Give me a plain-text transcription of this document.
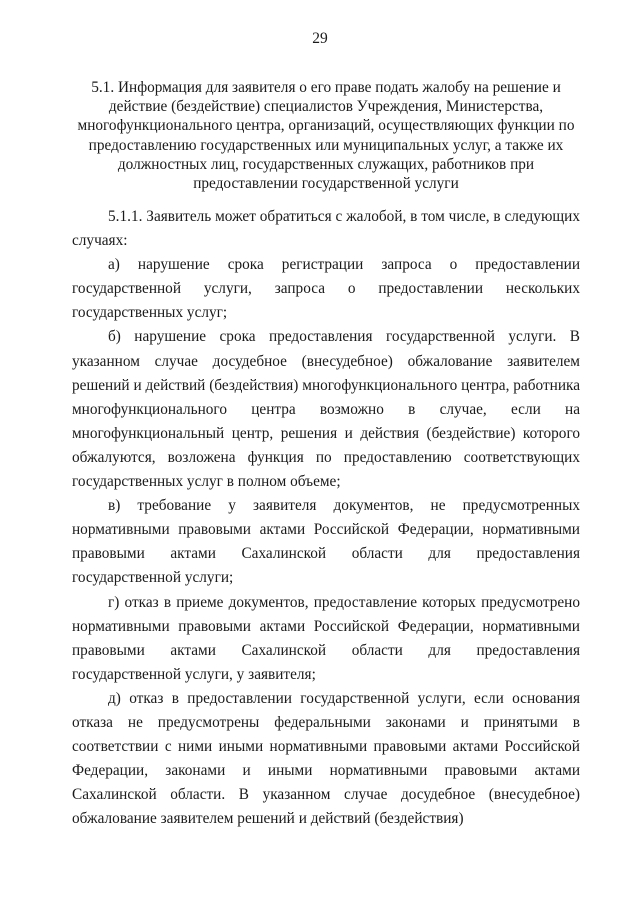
29
5.1. Информация для заявителя о его праве подать жалобу на решение и действие (бездействие) специалистов Учреждения, Министерства, многофункционального центра, организаций, осуществляющих функции по предоставлению государственных или муниципальных услуг, а также их должностных лиц, государственных служащих, работников при предоставлении государственной услуги

5.1.1. Заявитель может обратиться с жалобой, в том числе, в следующих случаях:

а) нарушение срока регистрации запроса о предоставлении государственной услуги, запроса о предоставлении нескольких государственных услуг;

б) нарушение срока предоставления государственной услуги. В указанном случае досудебное (внесудебное) обжалование заявителем решений и действий (бездействия) многофункционального центра, работника многофункционального центра возможно в случае, если на многофункциональный центр, решения и действия (бездействие) которого обжалуются, возложена функция по предоставлению соответствующих государственных услуг в полном объеме;

в) требование у заявителя документов, не предусмотренных нормативными правовыми актами Российской Федерации, нормативными правовыми актами Сахалинской области для предоставления государственной услуги;

г) отказ в приеме документов, предоставление которых предусмотрено нормативными правовыми актами Российской Федерации, нормативными правовыми актами Сахалинской области для предоставления государственной услуги, у заявителя;

д) отказ в предоставлении государственной услуги, если основания отказа не предусмотрены федеральными законами и принятыми в соответствии с ними иными нормативными правовыми актами Российской Федерации, законами и иными нормативными правовыми актами Сахалинской области. В указанном случае досудебное (внесудебное) обжалование заявителем решений и действий (бездействия)
